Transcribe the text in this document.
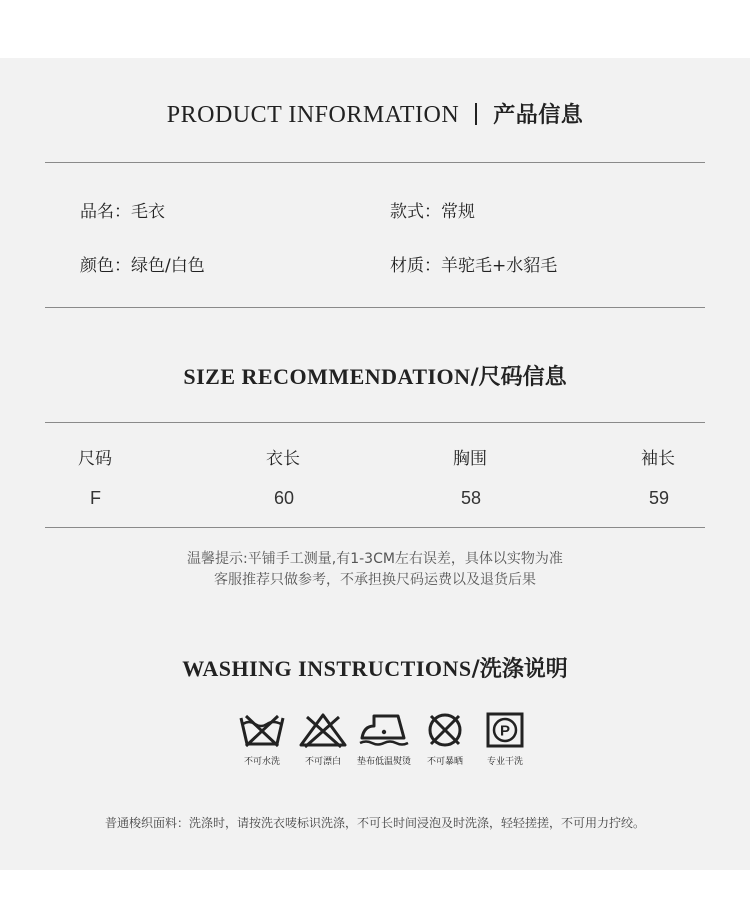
PRODUCT INFORMATION 产品信息
品名：毛衣	款式：常规
颜色：绿色/白色	材质：羊驼毛+水貂毛
SIZE RECOMMENDATION/尺码信息
尺码	衣长	胸围	袖长
F	60	58	59
温馨提示:平铺手工测量,有1-3CM左右误差，具体以实物为准
客服推荐只做参考，不承担换尺码运费以及退货后果
WASHING INSTRUCTIONS/洗涤说明
不可水洗	不可漂白	垫布低温熨烫	不可暴晒
P
专业干洗
普通梭织面料：洗涤时，请按洗衣唛标识洗涤，不可长时间浸泡及时洗涤，轻轻搓搓，不可用力拧绞。
